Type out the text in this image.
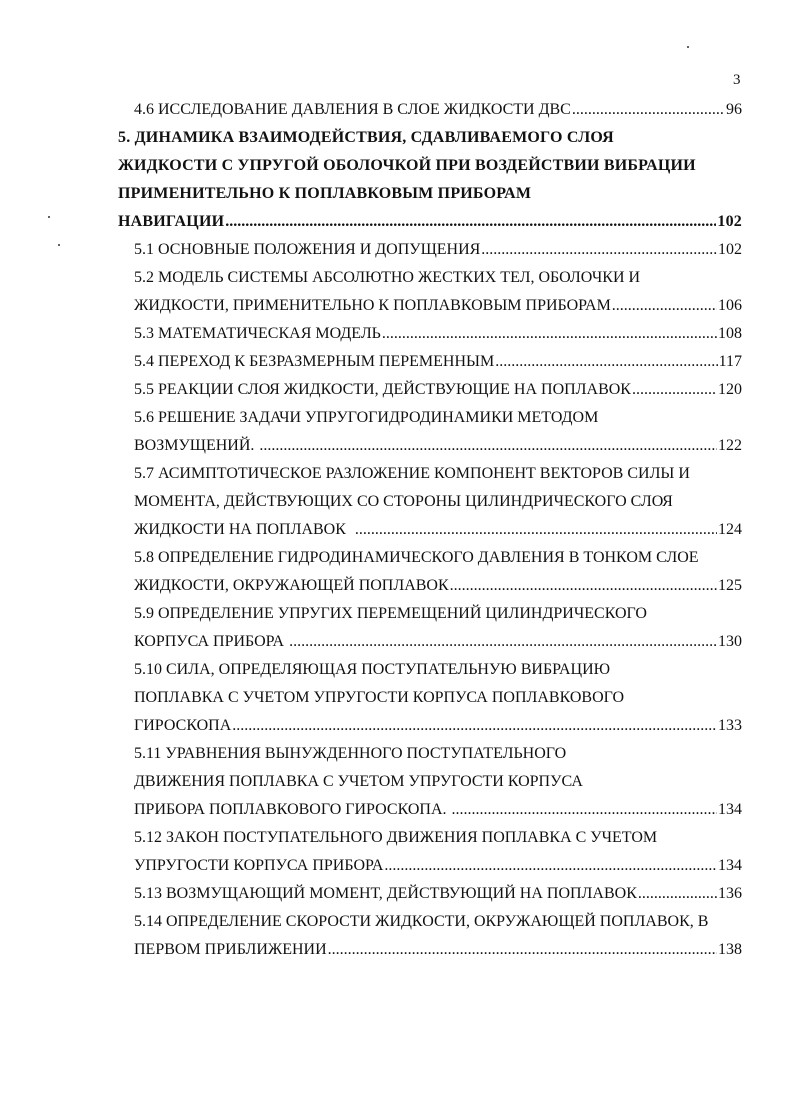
3
4.6 ИССЛЕДОВАНИЕ ДАВЛЕНИЯ В СЛОЕ ЖИДКОСТИ ДВС .....	96
5. ДИНАМИКА ВЗАИМОДЕЙСТВИЯ, СДАВЛИВАЕМОГО СЛОЯ
ЖИДКОСТИ С УПРУГОЙ ОБОЛОЧКОЙ ПРИ ВОЗДЕЙСТВИИ ВИБРАЦИИ
ПРИМЕНИТЕЛЬНО К ПОПЛАВКОВЫМ ПРИБОРАМ
НАВИГАЦИИ .....	102
5.1 ОСНОВНЫЕ ПОЛОЖЕНИЯ И ДОПУЩЕНИЯ .....	102
5.2 МОДЕЛЬ СИСТЕМЫ АБСОЛЮТНО ЖЕСТКИХ ТЕЛ, ОБОЛОЧКИ И
ЖИДКОСТИ, ПРИМЕНИТЕЛЬНО К ПОПЛАВКОВЫМ ПРИБОРАМ .....	106
5.3 МАТЕМАТИЧЕСКАЯ МОДЕЛЬ .....	108
5.4 ПЕРЕХОД К БЕЗРАЗМЕРНЫМ ПЕРЕМЕННЫМ .....	117
5.5 РЕАКЦИИ СЛОЯ ЖИДКОСТИ, ДЕЙСТВУЮЩИЕ НА ПОПЛАВОК .....	120
5.6 РЕШЕНИЕ ЗАДАЧИ УПРУГОГИДРОДИНАМИКИ МЕТОДОМ
ВОЗМУЩЕНИЙ. .....	122
5.7 АСИМПТОТИЧЕСКОЕ РАЗЛОЖЕНИЕ КОМПОНЕНТ ВЕКТОРОВ СИЛЫ И
МОМЕНТА, ДЕЙСТВУЮЩИХ СО СТОРОНЫ ЦИЛИНДРИЧЕСКОГО СЛОЯ
ЖИДКОСТИ НА ПОПЛАВОК .....	124
5.8 ОПРЕДЕЛЕНИЕ ГИДРОДИНАМИЧЕСКОГО ДАВЛЕНИЯ В ТОНКОМ СЛОЕ
ЖИДКОСТИ, ОКРУЖАЮЩЕЙ ПОПЛАВОК .....	125
5.9 ОПРЕДЕЛЕНИЕ УПРУГИХ ПЕРЕМЕЩЕНИЙ ЦИЛИНДРИЧЕСКОГО
КОРПУСА ПРИБОРА .....	130
5.10 СИЛА, ОПРЕДЕЛЯЮЩАЯ ПОСТУПАТЕЛЬНУЮ ВИБРАЦИЮ
ПОПЛАВКА С УЧЕТОМ УПРУГОСТИ КОРПУСА ПОПЛАВКОВОГО
ГИРОСКОПА .....	133
5.11 УРАВНЕНИЯ ВЫНУЖДЕННОГО ПОСТУПАТЕЛЬНОГО
ДВИЖЕНИЯ ПОПЛАВКА С УЧЕТОМ УПРУГОСТИ КОРПУСА
ПРИБОРА ПОПЛАВКОВОГО ГИРОСКОПА. .....	134
5.12 ЗАКОН ПОСТУПАТЕЛЬНОГО ДВИЖЕНИЯ ПОПЛАВКА С УЧЕТОМ
УПРУГОСТИ КОРПУСА ПРИБОРА .....	134
5.13 ВОЗМУЩАЮЩИЙ МОМЕНТ, ДЕЙСТВУЮЩИЙ НА ПОПЛАВОК .....	136
5.14 ОПРЕДЕЛЕНИЕ СКОРОСТИ ЖИДКОСТИ, ОКРУЖАЮЩЕЙ ПОПЛАВОК, В
ПЕРВОМ ПРИБЛИЖЕНИИ .....	138
